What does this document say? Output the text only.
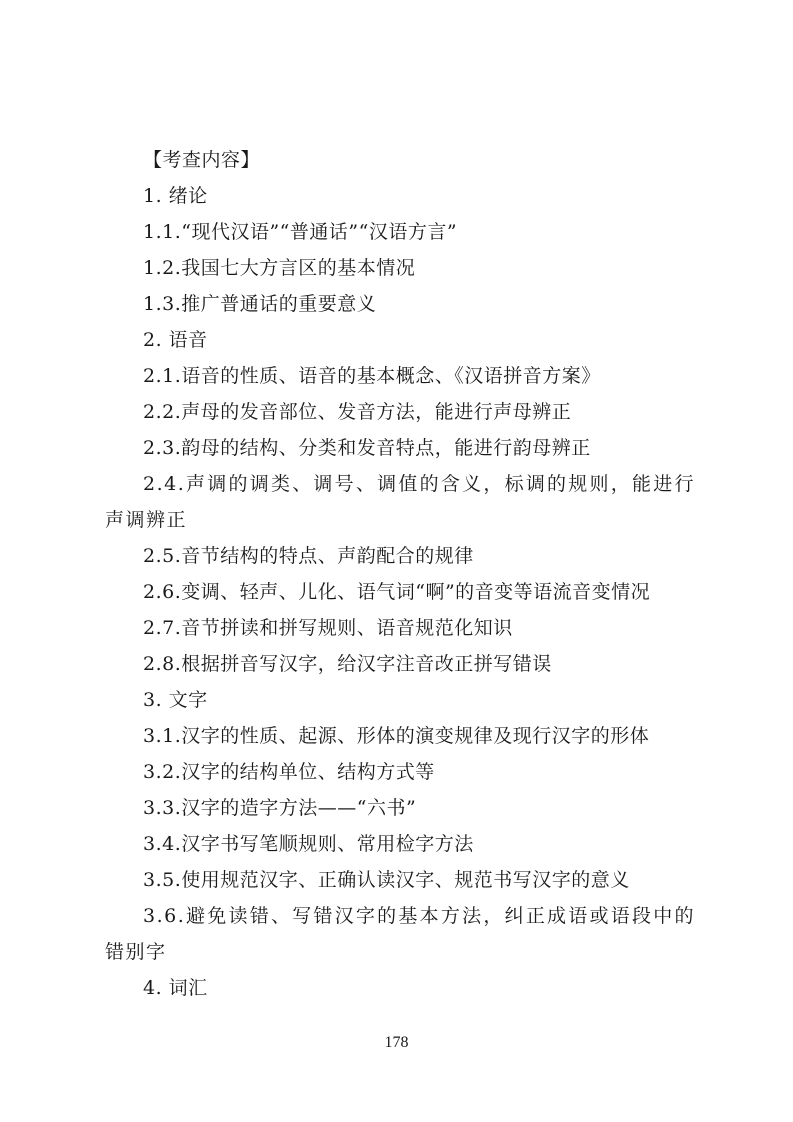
【考查内容】
1. 绪论
1.1.“现代汉语”“普通话”“汉语方言”
1.2.我国七大方言区的基本情况
1.3.推广普通话的重要意义
2. 语音
2.1.语音的性质、语音的基本概念、《汉语拼音方案》
2.2.声母的发音部位、发音方法，能进行声母辨正
2.3.韵母的结构、分类和发音特点，能进行韵母辨正
2.4.声调的调类、调号、调值的含义，标调的规则，能进行声调辨正
2.5.音节结构的特点、声韵配合的规律
2.6.变调、轻声、儿化、语气词“啊”的音变等语流音变情况
2.7.音节拼读和拼写规则、语音规范化知识
2.8.根据拼音写汉字，给汉字注音改正拼写错误
3. 文字
3.1.汉字的性质、起源、形体的演变规律及现行汉字的形体
3.2.汉字的结构单位、结构方式等
3.3.汉字的造字方法——“六书”
3.4.汉字书写笔顺规则、常用检字方法
3.5.使用规范汉字、正确认读汉字、规范书写汉字的意义
3.6.避免读错、写错汉字的基本方法，纠正成语或语段中的错别字
4. 词汇
178
